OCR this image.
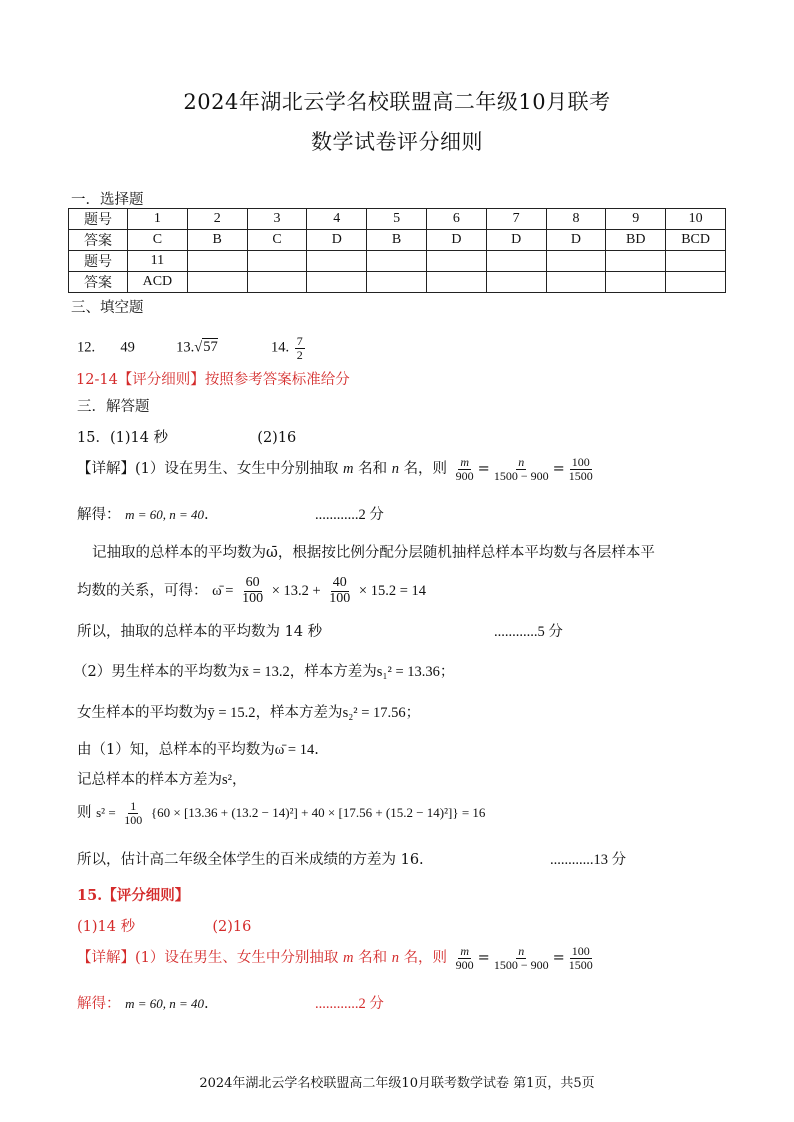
2024年湖北云学名校联盟高二年级10月联考
数学试卷评分细则
一．选择题
题号	1	2	3	4	5	6	7	8	9	10
答案	C	B	C	D	B	D	D	D	BD	BCD
题号	11									
答案	ACD									
三、填空题
12. 49	13.√57	14. $\frac{7}{2}$
12-14【评分细则】按照参考答案标准给分
三．解答题
15．(1)14 秒	(2)16
【详解】(1）设在男生、女生中分别抽取 m 名和 n 名，则 $\frac{m}{900} = \frac{n}{1500 - 900} = \frac{100}{1500}$
解得： m = 60, n = 40.	............2 分
记抽取的总样本的平均数为ω̄，根据按比例分配分层随机抽样总样本平均数与各层样本平
均数的关系，可得： ω̄ = $\frac{60}{100} \times 13.2 + \frac{40}{100} \times 15.2 = 14$
所以，抽取的总样本的平均数为 14 秒	............5 分
（2）男生样本的平均数为x̄ = 13.2，样本方差为s₁² = 13.36；
女生样本的平均数为ȳ = 15.2，样本方差为s₂² = 17.56；
由（1）知，总样本的平均数为ω̄ = 14.
记总样本的样本方差为s²，
则 $s^2 = \frac{1}{100} \{60 \times [13.36 + (13.2 - 14)^2] + 40 \times [17.56 + (15.2 - 14)^2]\} = 16$
所以，估计高二年级全体学生的百米成绩的方差为 16.	............13 分
15.【评分细则】
(1)14 秒	(2)16
【详解】(1）设在男生、女生中分别抽取 m 名和 n 名，则 $\frac{m}{900} = \frac{n}{1500 - 900} = \frac{100}{1500}$
解得： m = 60, n = 40.	............2 分
2024年湖北云学名校联盟高二年级10月联考数学试卷 第1页，共5页
